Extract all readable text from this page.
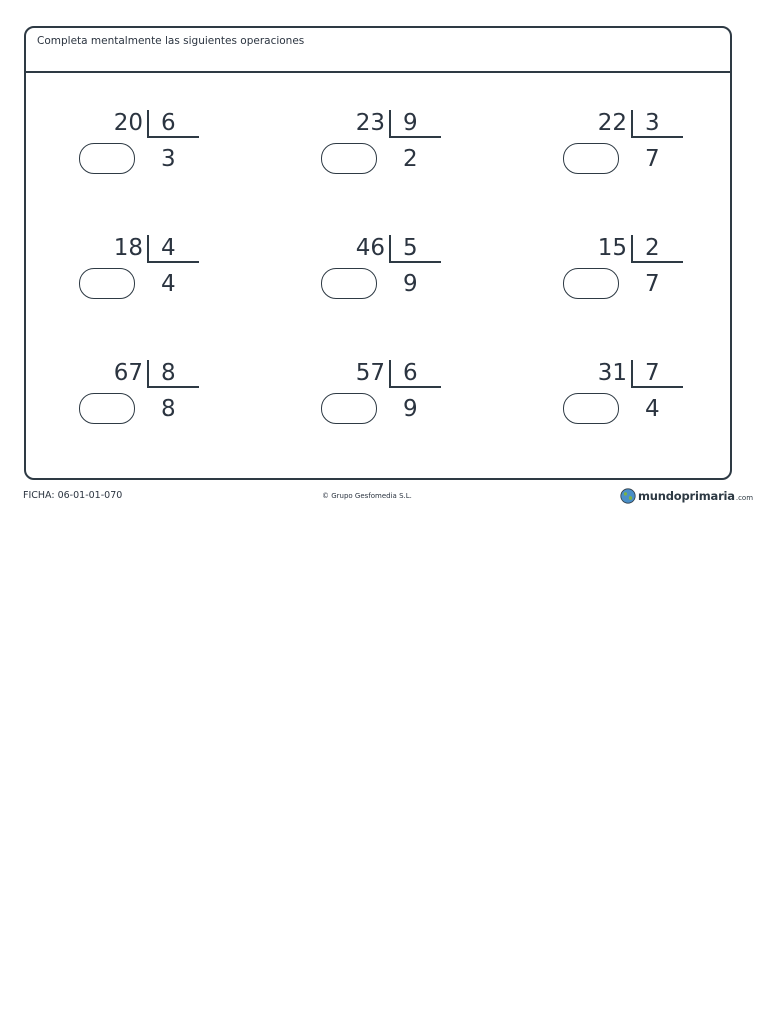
Completa mentalmente las siguientes operaciones
20 6
3
23 9
2
22 3
7
18 4
4
46 5
9
15 2
7
67 8
8
57 6
9
31 7
4
FICHA: 06-01-01-070	© Grupo Gesfomedia S.L.	mundoprimaria .com
